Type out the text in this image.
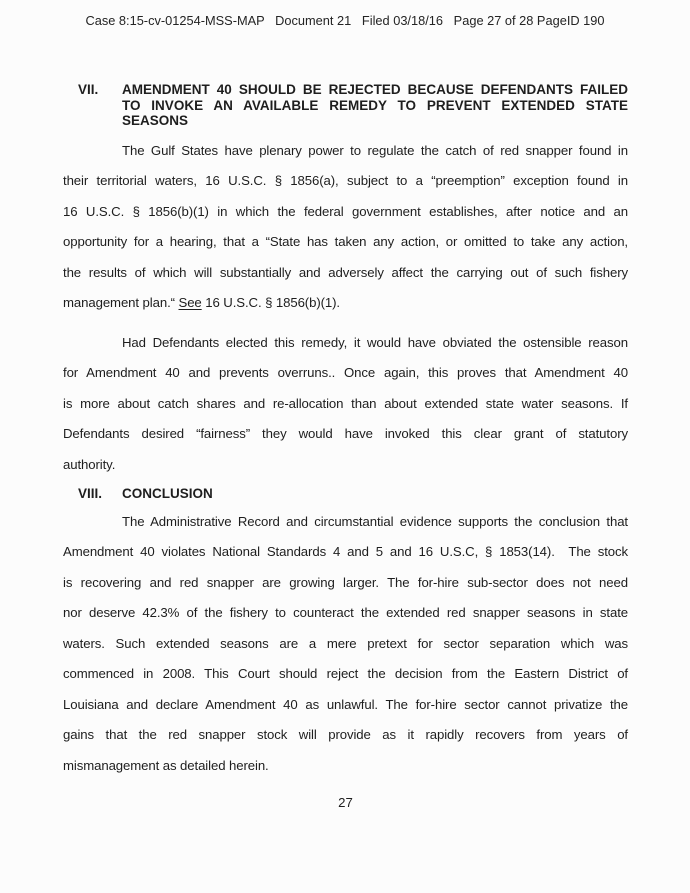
Case 8:15-cv-01254-MSS-MAP   Document 21   Filed 03/18/16   Page 27 of 28 PageID 190
VII.	AMENDMENT 40 SHOULD BE REJECTED BECAUSE DEFENDANTS FAILED
TO INVOKE AN AVAILABLE REMEDY TO PREVENT EXTENDED STATE
SEASONS
The Gulf States have plenary power to regulate the catch of red snapper found in
their territorial waters, 16 U.S.C. § 1856(a), subject to a “preemption” exception found in
16 U.S.C. § 1856(b)(1) in which the federal government establishes, after notice and an
opportunity for a hearing, that a “State has taken any action, or omitted to take any action,
the results of which will substantially and adversely affect the carrying out of such fishery
management plan.“ See 16 U.S.C. § 1856(b)(1).
Had Defendants elected this remedy, it would have obviated the ostensible reason
for Amendment 40 and prevents overruns.. Once again, this proves that Amendment 40
is more about catch shares and re-allocation than about extended state water seasons. If
Defendants desired “fairness” they would have invoked this clear grant of statutory
authority.
VIII.	CONCLUSION
The Administrative Record and circumstantial evidence supports the conclusion that
Amendment 40 violates National Standards 4 and 5 and 16 U.S.C, § 1853(14).  The stock
is recovering and red snapper are growing larger. The for-hire sub-sector does not need
nor deserve 42.3% of the fishery to counteract the extended red snapper seasons in state
waters. Such extended seasons are a mere pretext for sector separation which was
commenced in 2008. This Court should reject the decision from the Eastern District of
Louisiana and declare Amendment 40 as unlawful. The for-hire sector cannot privatize the
gains that the red snapper stock will provide as it rapidly recovers from years of
mismanagement as detailed herein.
27
